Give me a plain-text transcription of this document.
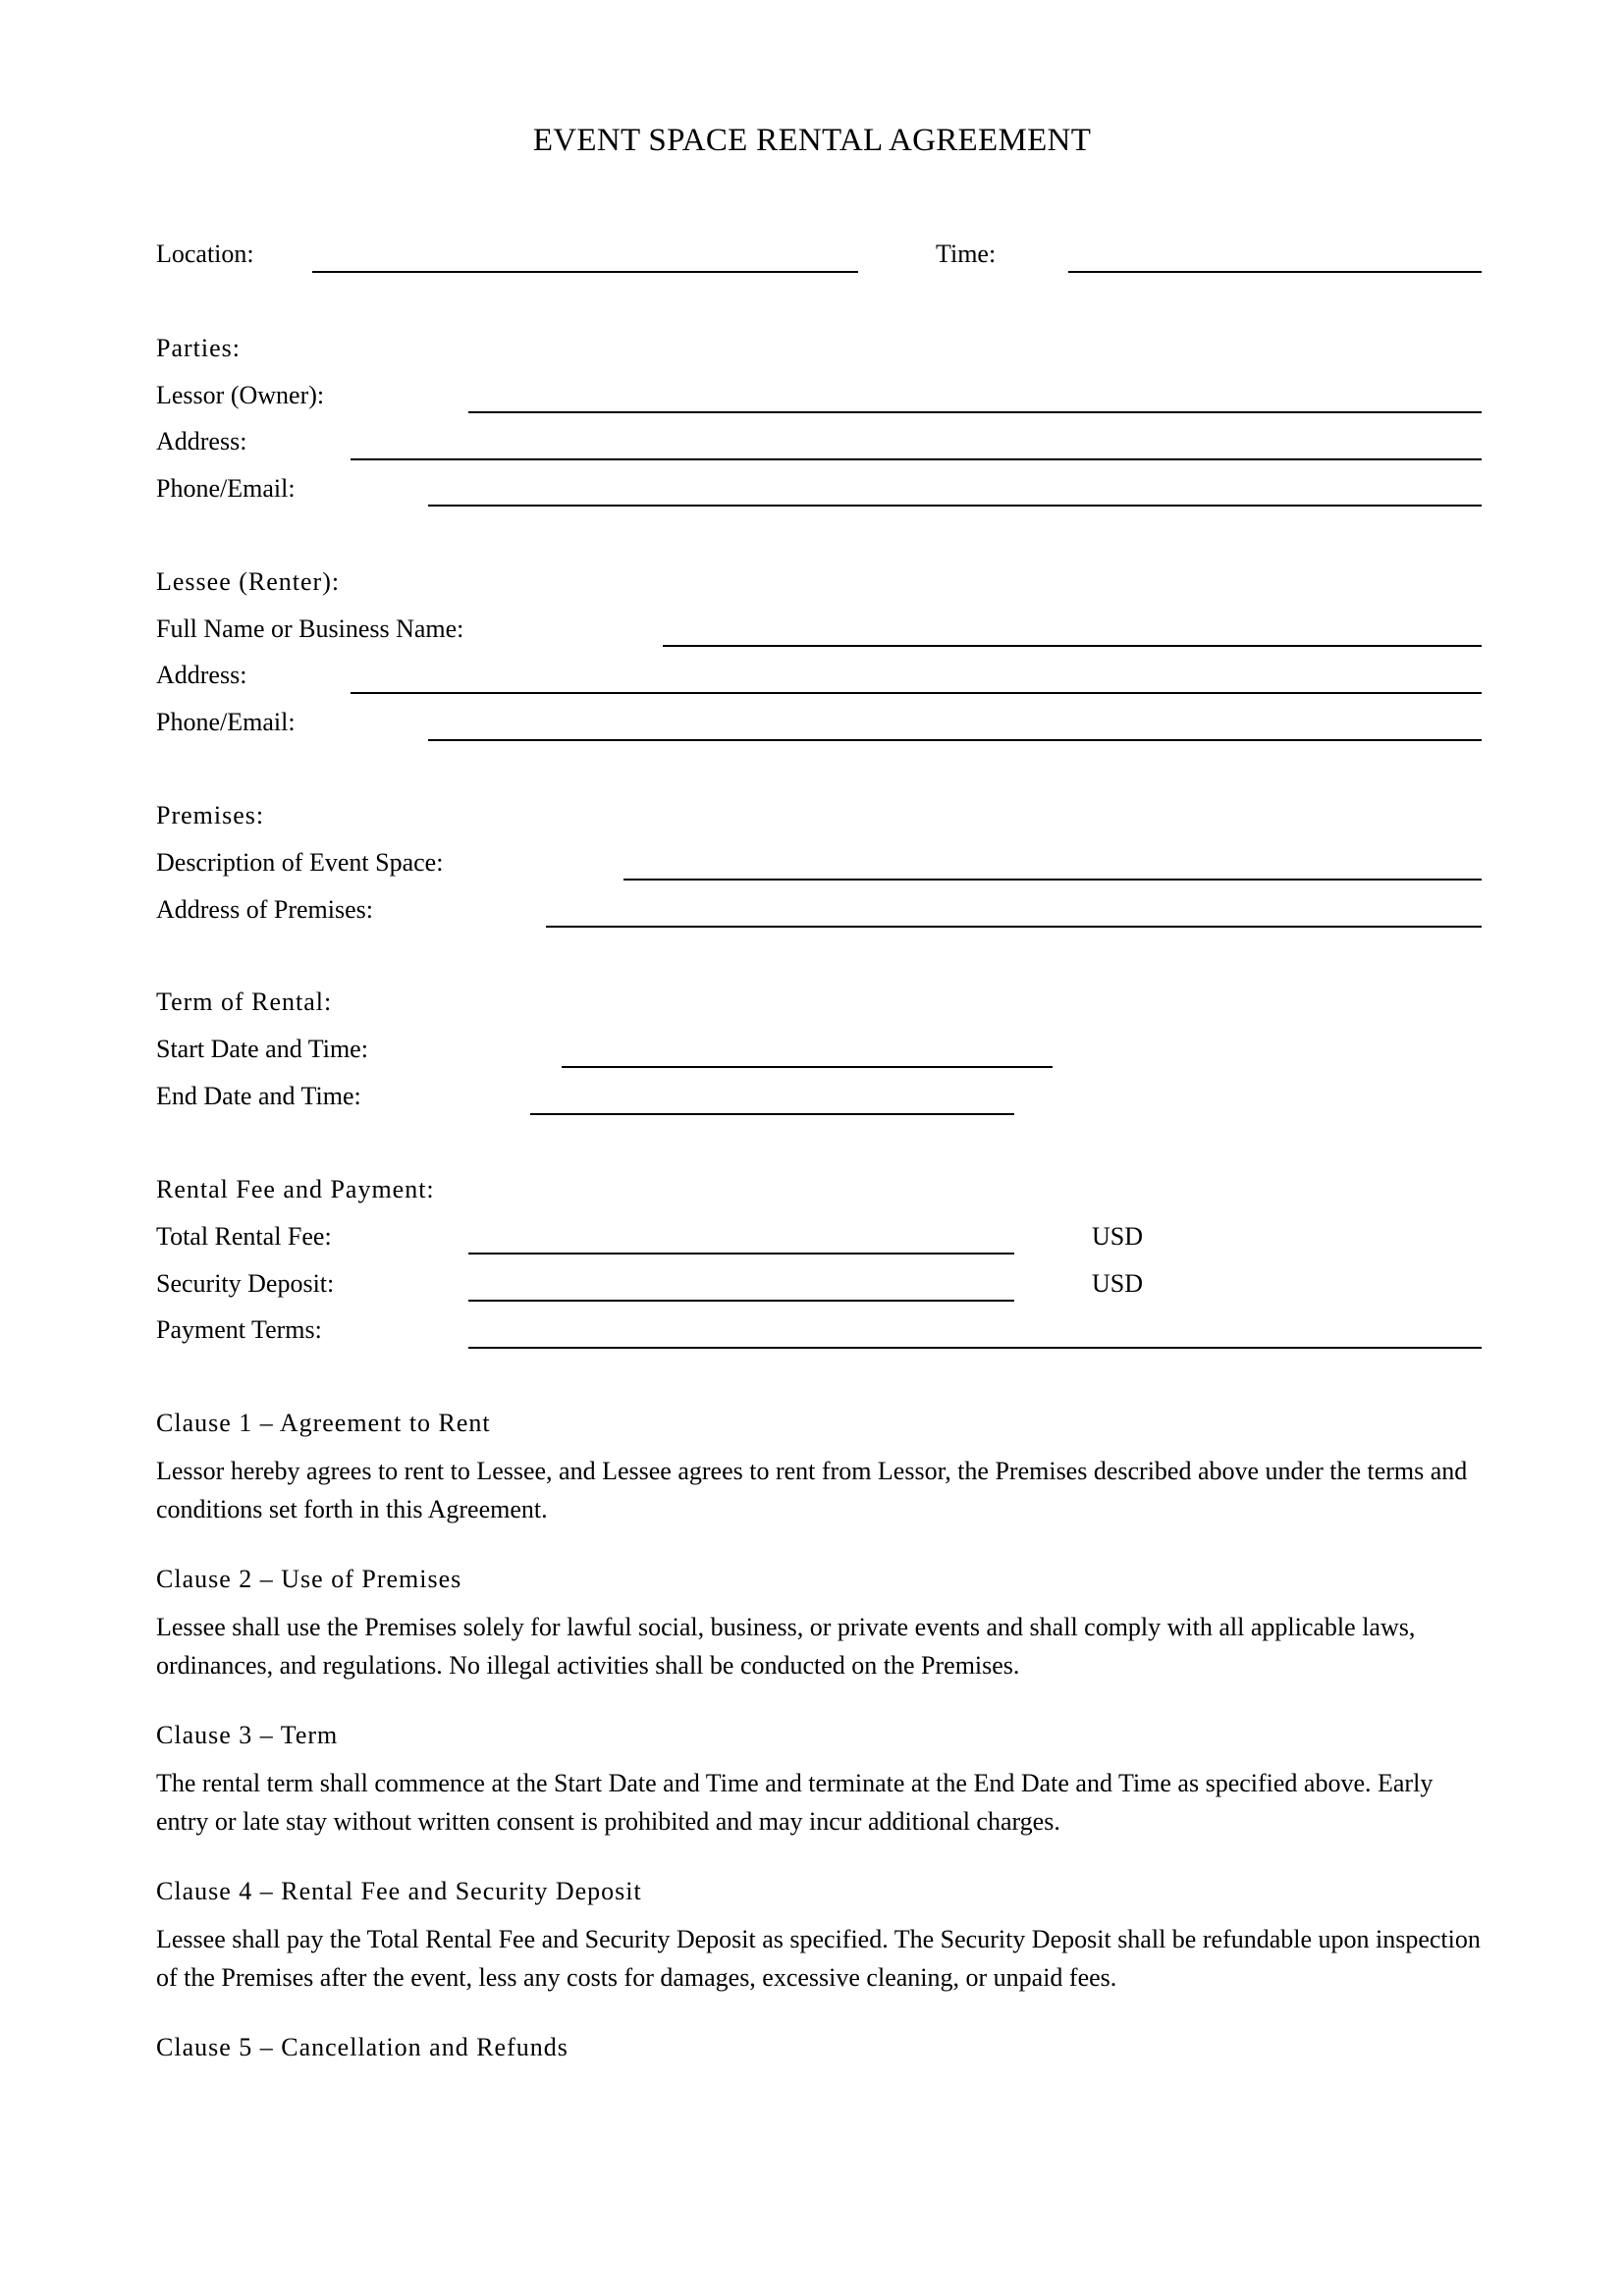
EVENT SPACE RENTAL AGREEMENT
Location:	Time:
Parties:
Lessor (Owner):
Address:
Phone/Email:
Lessee (Renter):
Full Name or Business Name:
Address:
Phone/Email:
Premises:
Description of Event Space:
Address of Premises:
Term of Rental:
Start Date and Time:
End Date and Time:
Rental Fee and Payment:
Total Rental Fee:	USD
Security Deposit:	USD
Payment Terms:
Clause 1 – Agreement to Rent
Lessor hereby agrees to rent to Lessee, and Lessee agrees to rent from Lessor, the Premises described above under the terms and conditions set forth in this Agreement.
Clause 2 – Use of Premises
Lessee shall use the Premises solely for lawful social, business, or private events and shall comply with all applicable laws, ordinances, and regulations. No illegal activities shall be conducted on the Premises.
Clause 3 – Term
The rental term shall commence at the Start Date and Time and terminate at the End Date and Time as specified above. Early entry or late stay without written consent is prohibited and may incur additional charges.
Clause 4 – Rental Fee and Security Deposit
Lessee shall pay the Total Rental Fee and Security Deposit as specified. The Security Deposit shall be refundable upon inspection of the Premises after the event, less any costs for damages, excessive cleaning, or unpaid fees.
Clause 5 – Cancellation and Refunds
